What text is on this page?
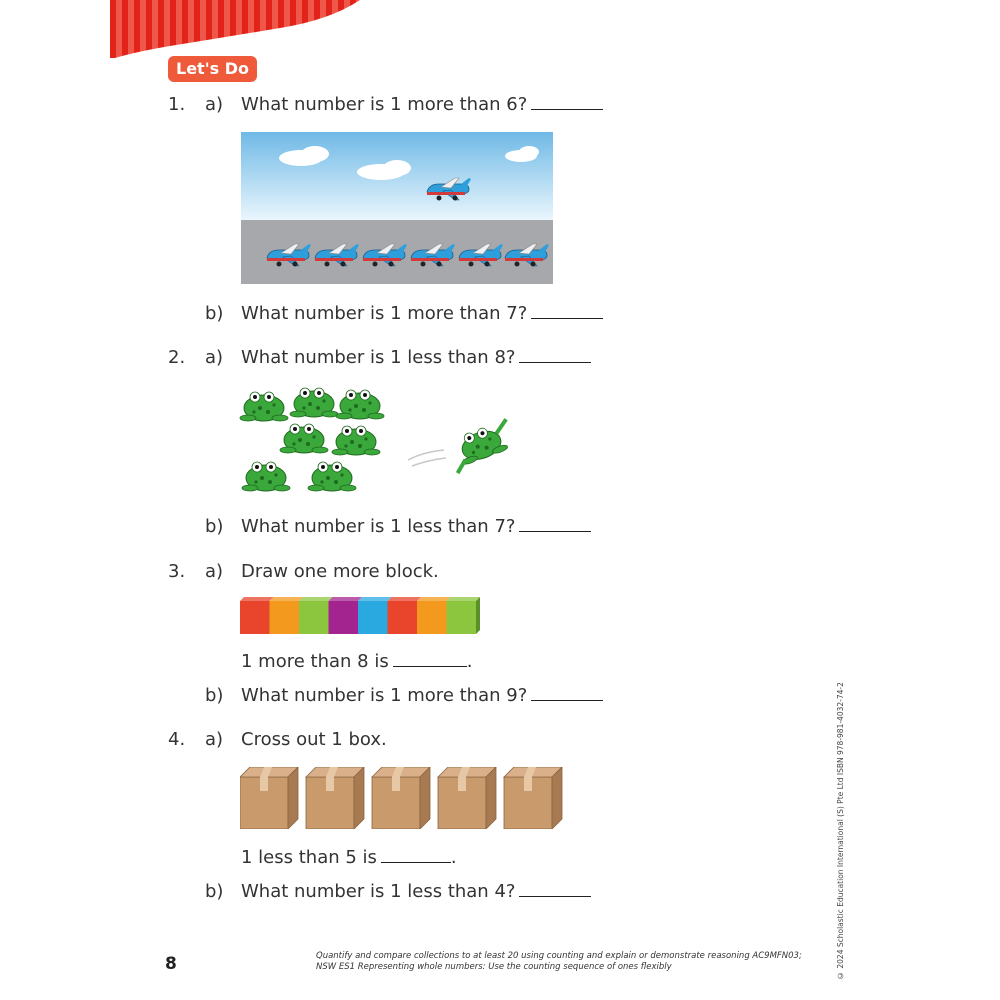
Let's Do
1. a) What number is 1 more than 6?
b) What number is 1 more than 7?
2. a) What number is 1 less than 8?
b) What number is 1 less than 7?
3. a) Draw one more block.
1 more than 8 is	.
b) What number is 1 more than 9?
4. a) Cross out 1 box.
1 less than 5 is	.
b) What number is 1 less than 4?	© 2024 Scholastic Education International (S) Pte Ltd ISBN 978-981-4032-74-2
8	Quantify and compare collections to at least 20 using counting and explain or demonstrate reasoning AC9MFN03;
NSW ES1 Representing whole numbers: Use the counting sequence of ones flexibly
